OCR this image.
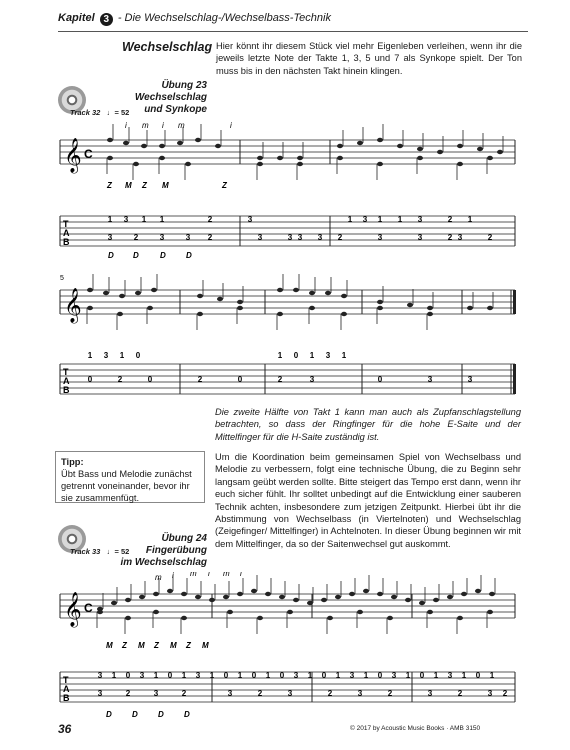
Kapitel 3 - Die Wechselschlag-/Wechselbass-Technik
Wechselschlag Hier könnt ihr diesem Stück viel mehr Eigenleben verleihen, wenn ihr die jeweils letzte Note der Takte 1, 3, 5 und 7 als Synkope spielt. Der Ton muss bis in den nächsten Takt hinein klingen.
Track 32 ♩= 52
Übung 23
Wechselschlag
und Synkope
𝄞 C
T
A
B
i m i m	i
Z M Z M	Z
1 3 1 1	2	3	1 3 1 1 3	2 1
3	2	3	3 2	3	3 3 3 2	3	3	2 3	2
D D	D	D
5
𝄞
T
A
B
1 3 1 0	1 0 1 3 1
0	2	0	2	0	2	3	0	3	3
Die zweite Hälfte von Takt 1 kann man auch als Zupfanschlagstellung betrachten, so dass der Ringfinger für die hohe E-Saite und der Mittelfinger für die H-Saite zuständig ist.
Tipp:
Übt Bass und Melodie zunächst getrennt voneinander, bevor ihr sie zusammenfügt.
Um die Koordination beim gemeinsamen Spiel von Wechselbass und Melodie zu verbessern, folgt eine technische Übung, die zu Beginn sehr langsam geübt werden sollte. Bitte steigert das Tempo erst dann, wenn ihr euch sicher fühlt. Ihr solltet unbedingt auf die Entwicklung einer sauberen Technik achten, insbesondere zum jetzigen Zeitpunkt. Hierbei übt ihr die Abstimmung von Wechselbass (in Viertelnoten) und Wechselschlag (Zeigefinger/ Mittelfinger) in Achtelnoten. In dieser Übung beginnen wir mit dem Mittelfinger, da so der Saitenwechsel gut auskommt.
Track 33 ♩= 52
Übung 24
Fingerübung
im Wechselschlag
m	m i m i
𝄞 C
T
A
B
M Z M Z M Z M
3 1 0 3 1 0 1 3 1 0 1 0 1 0 3 1 0 1 3 1 0 3 1 0 1 3 1 0 1
3	2	3	2	3	2	3	2	3	2	3	2	3 2
D	D	D	D
36	© 2017 by Acoustic Music Books · AMB 3150
